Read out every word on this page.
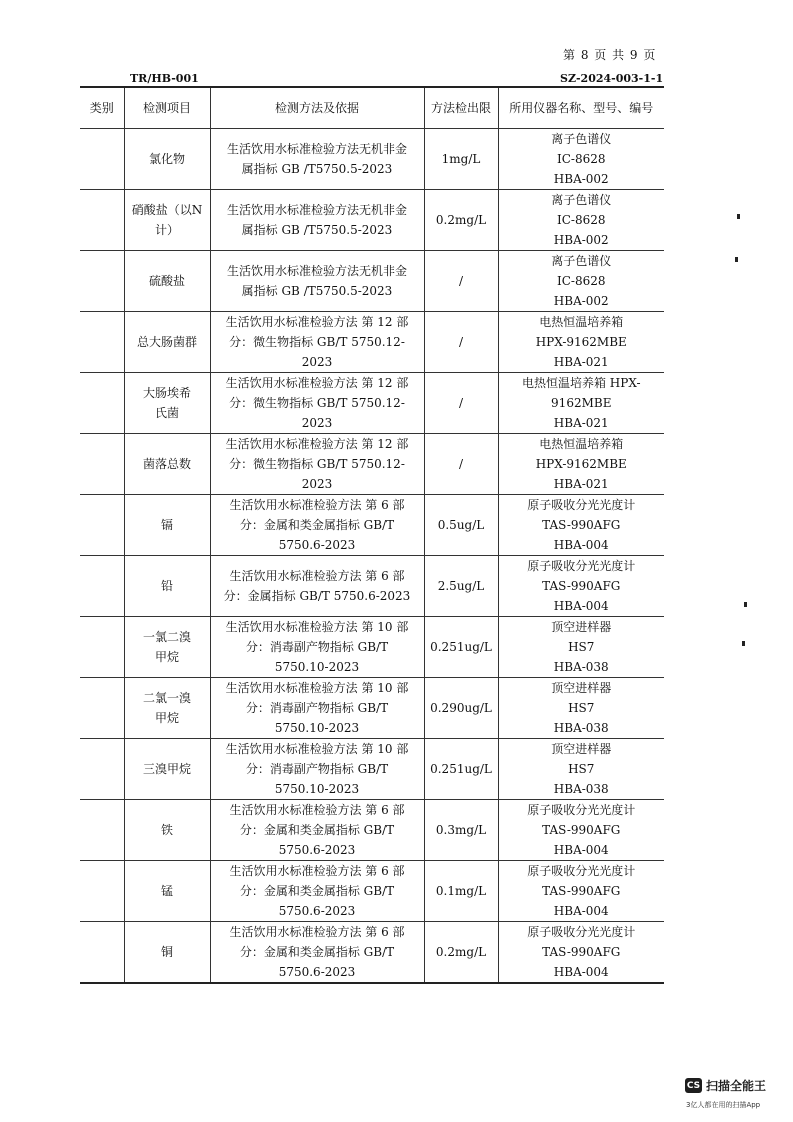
第 8 页 共 9 页
TR/HB-001	SZ-2024-003-1-1
类别	检测项目	检测方法及依据	方法检出限	所用仪器名称、型号、编号

	氯化物	生活饮用水标准检验方法无机非金
属指标 GB /T5750.5-2023	1mg/L	离子色谱仪
IC-8628
HBA-002

	硝酸盐（以N
计）	生活饮用水标准检验方法无机非金
属指标 GB /T5750.5-2023	0.2mg/L	离子色谱仪
IC-8628
HBA-002

	硫酸盐	生活饮用水标准检验方法无机非金
属指标 GB /T5750.5-2023	/	离子色谱仪
IC-8628
HBA-002

	总大肠菌群	生活饮用水标准检验方法 第 12 部
分：微生物指标 GB/T 5750.12-2023	/	电热恒温培养箱
HPX-9162MBE
HBA-021

	大肠埃希
氏菌	生活饮用水标准检验方法 第 12 部
分：微生物指标 GB/T 5750.12-2023	/	电热恒温培养箱 HPX-9162MBE
HBA-021

	菌落总数	生活饮用水标准检验方法 第 12 部
分：微生物指标 GB/T 5750.12-2023	/	电热恒温培养箱
HPX-9162MBE
HBA-021

	镉	生活饮用水标准检验方法 第 6 部
分：金属和类金属指标 GB/T
5750.6-2023	0.5ug/L	原子吸收分光光度计
TAS-990AFG
HBA-004

	铅	生活饮用水标准检验方法 第 6 部
分：金属指标 GB/T 5750.6-2023	2.5ug/L	原子吸收分光光度计
TAS-990AFG
HBA-004

	一氯二溴
甲烷	生活饮用水标准检验方法 第 10 部
分：消毒副产物指标 GB/T
5750.10-2023	0.251ug/L	顶空进样器
HS7
HBA-038

	二氯一溴
甲烷	生活饮用水标准检验方法 第 10 部
分：消毒副产物指标 GB/T
5750.10-2023	0.290ug/L	顶空进样器
HS7
HBA-038

	三溴甲烷	生活饮用水标准检验方法 第 10 部
分：消毒副产物指标 GB/T
5750.10-2023	0.251ug/L	顶空进样器
HS7
HBA-038

	铁	生活饮用水标准检验方法 第 6 部
分：金属和类金属指标 GB/T
5750.6-2023	0.3mg/L	原子吸收分光光度计
TAS-990AFG
HBA-004

	锰	生活饮用水标准检验方法 第 6 部
分：金属和类金属指标 GB/T
5750.6-2023	0.1mg/L	原子吸收分光光度计
TAS-990AFG
HBA-004

	铜	生活饮用水标准检验方法 第 6 部
分：金属和类金属指标 GB/T
5750.6-2023	0.2mg/L	原子吸收分光光度计
TAS-990AFG
HBA-004
CS 扫描全能王
3亿人都在用的扫描App
